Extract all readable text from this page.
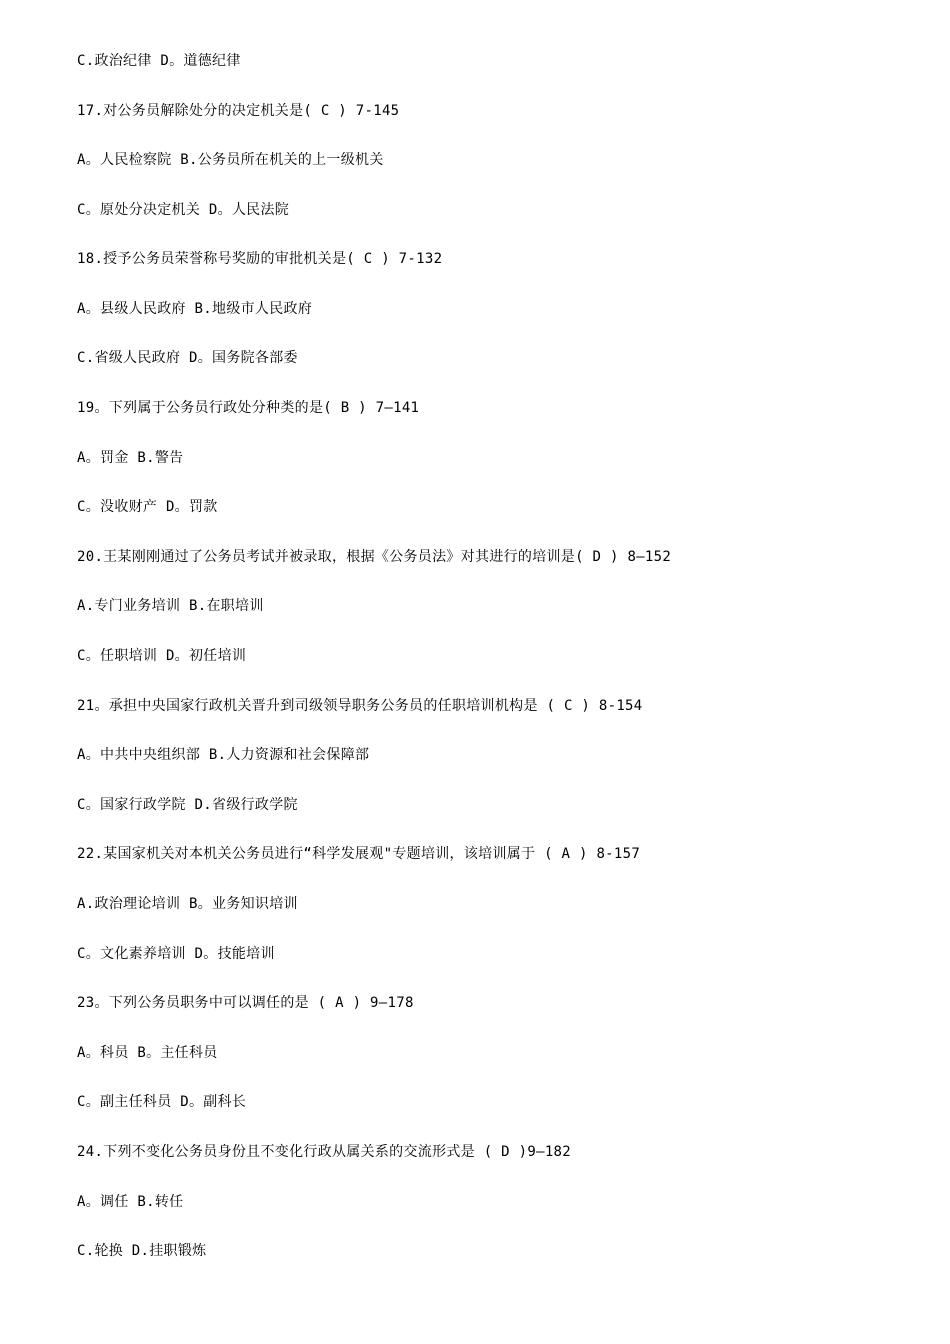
C.政治纪律 D。道德纪律
17.对公务员解除处分的决定机关是( C ) 7-145
A。人民检察院 B.公务员所在机关的上一级机关
C。原处分决定机关 D。人民法院
18.授予公务员荣誉称号奖励的审批机关是( C ) 7-132
A。县级人民政府 B.地级市人民政府
C.省级人民政府 D。国务院各部委
19。下列属于公务员行政处分种类的是( B ) 7—141
A。罚金 B.警告
C。没收财产 D。罚款
20.王某刚刚通过了公务员考试并被录取，根据《公务员法》对其进行的培训是( D ) 8—152
A.专门业务培训 B.在职培训
C。任职培训 D。初任培训
21。承担中央国家行政机关晋升到司级领导职务公务员的任职培训机构是 ( C ) 8-154
A。中共中央组织部 B.人力资源和社会保障部
C。国家行政学院 D.省级行政学院
22.某国家机关对本机关公务员进行“科学发展观"专题培训，该培训属于 ( A ) 8-157
A.政治理论培训 B。业务知识培训
C。文化素养培训 D。技能培训
23。下列公务员职务中可以调任的是 ( A ) 9—178
A。科员 B。主任科员
C。副主任科员 D。副科长
24.下列不变化公务员身份且不变化行政从属关系的交流形式是 ( D )9—182
A。调任 B.转任
C.轮换 D.挂职锻炼
